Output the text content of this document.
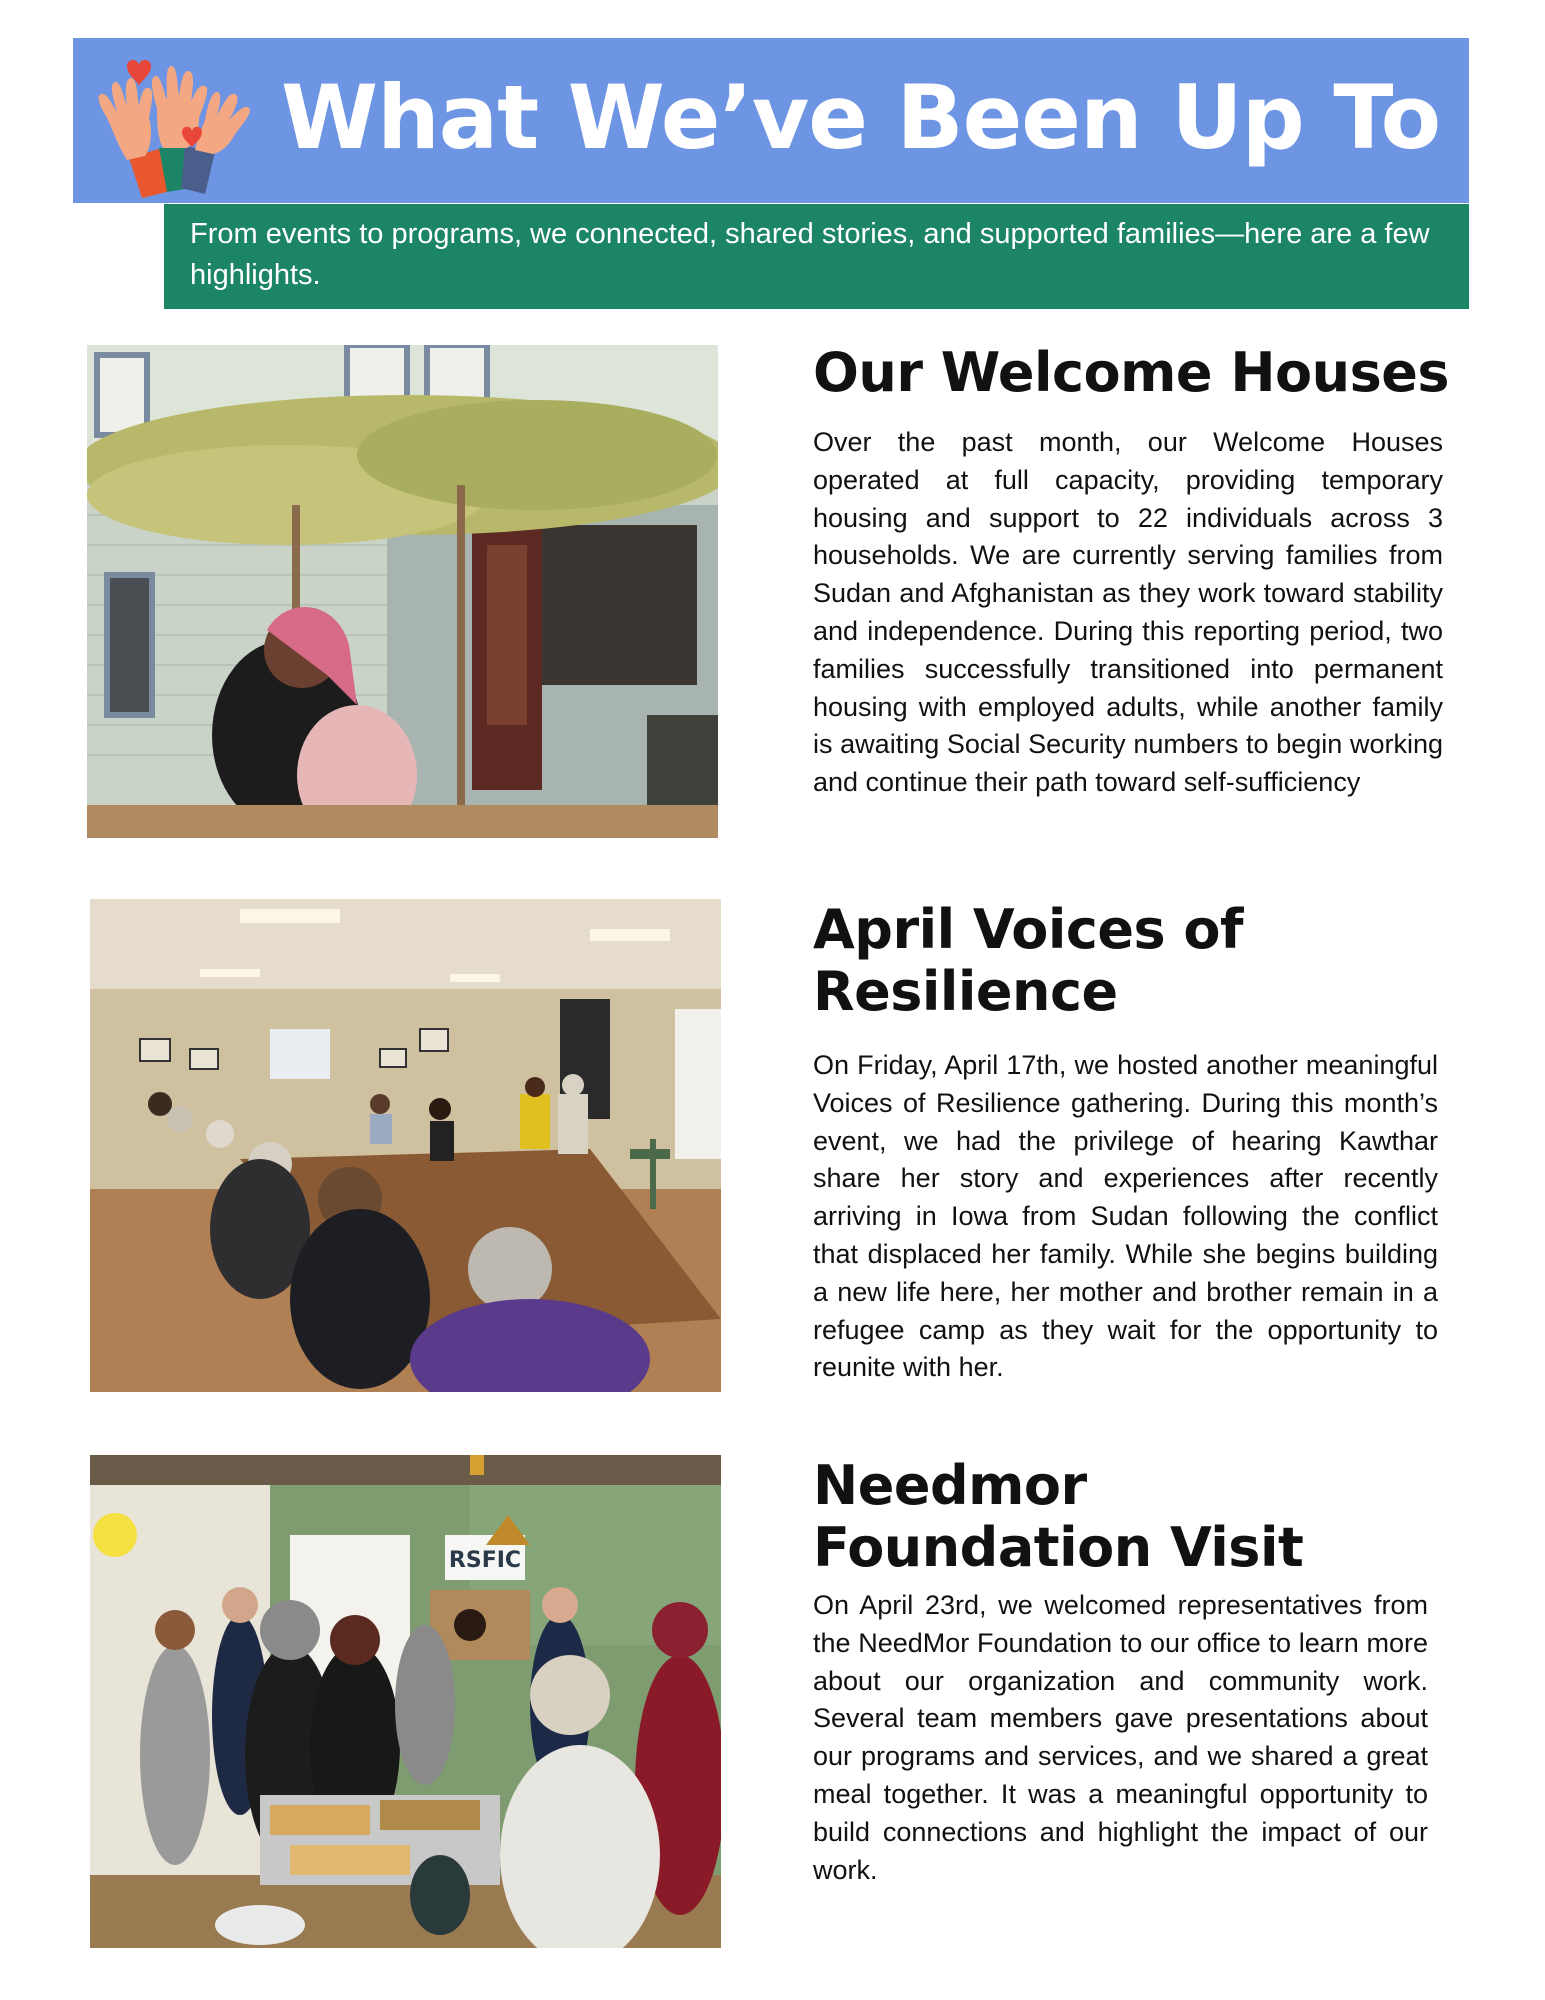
What We’ve Been Up To
From events to programs, we connected, shared stories, and supported families—here are a few highlights.
RSFIC
Our Welcome Houses
Over the past month, our Welcome Houses operated at full capacity, providing temporary housing and support to 22 individuals across 3 households. We are currently serving families from Sudan and Afghanistan as they work toward stability and independence. During this reporting period, two families successfully transitioned into permanent housing with employed adults, while another family is awaiting Social Security numbers to begin working and continue their path toward self-sufficiency
April Voices of Resilience
On Friday, April 17th, we hosted another meaningful Voices of Resilience gathering. During this month’s event, we had the privilege of hearing Kawthar share her story and experiences after recently arriving in Iowa from Sudan following the conflict that displaced her family. While she begins building a new life here, her mother and brother remain in a refugee camp as they wait for the opportunity to reunite with her.
Needmor Foundation Visit
On April 23rd, we welcomed representatives from the NeedMor Foundation to our office to learn more about our organization and community work. Several team members gave presentations about our programs and services, and we shared a great meal together. It was a meaningful opportunity to build connections and highlight the impact of our work.
